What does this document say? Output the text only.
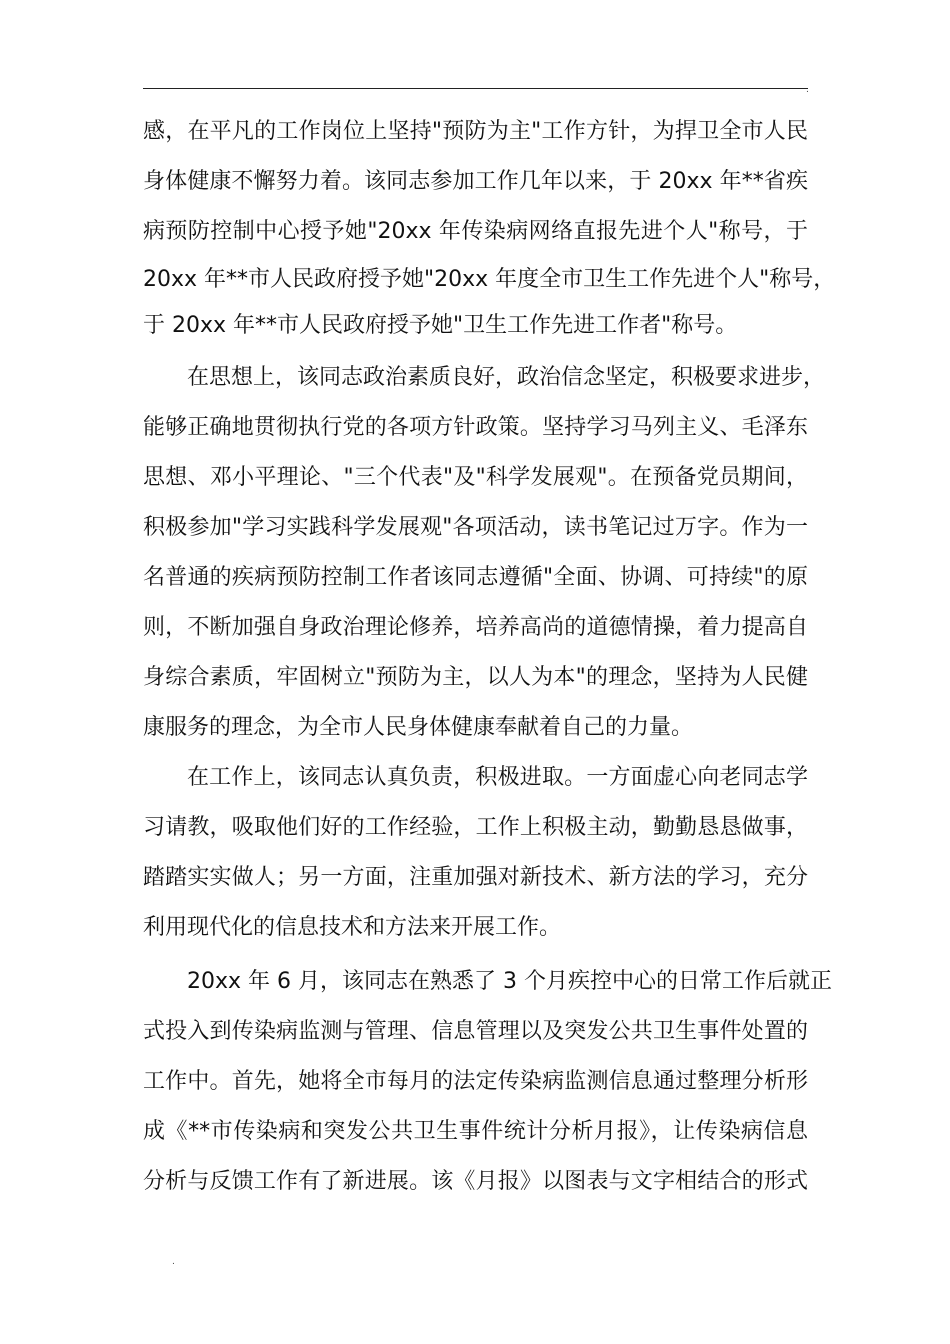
.
感，在平凡的工作岗位上坚持"预防为主"工作方针，为捍卫全市人民
身体健康不懈努力着。该同志参加工作几年以来，于 20xx 年**省疾
病预防控制中心授予她"20xx 年传染病网络直报先进个人"称号，于
20xx 年**市人民政府授予她"20xx 年度全市卫生工作先进个人"称号，
于 20xx 年**市人民政府授予她"卫生工作先进工作者"称号。
在思想上，该同志政治素质良好，政治信念坚定，积极要求进步，
能够正确地贯彻执行党的各项方针政策。坚持学习马列主义、毛泽东
思想、邓小平理论、"三个代表"及"科学发展观"。在预备党员期间，
积极参加"学习实践科学发展观"各项活动，读书笔记过万字。作为一
名普通的疾病预防控制工作者该同志遵循"全面、协调、可持续"的原
则，不断加强自身政治理论修养，培养高尚的道德情操，着力提高自
身综合素质，牢固树立"预防为主，以人为本"的理念，坚持为人民健
康服务的理念，为全市人民身体健康奉献着自己的力量。
在工作上，该同志认真负责，积极进取。一方面虚心向老同志学
习请教，吸取他们好的工作经验，工作上积极主动，勤勤恳恳做事，
踏踏实实做人；另一方面，注重加强对新技术、新方法的学习，充分
利用现代化的信息技术和方法来开展工作。
20xx 年 6 月，该同志在熟悉了 3 个月疾控中心的日常工作后就正
式投入到传染病监测与管理、信息管理以及突发公共卫生事件处置的
工作中。首先，她将全市每月的法定传染病监测信息通过整理分析形
成《**市传染病和突发公共卫生事件统计分析月报》，让传染病信息
分析与反馈工作有了新进展。该《月报》以图表与文字相结合的形式
.
